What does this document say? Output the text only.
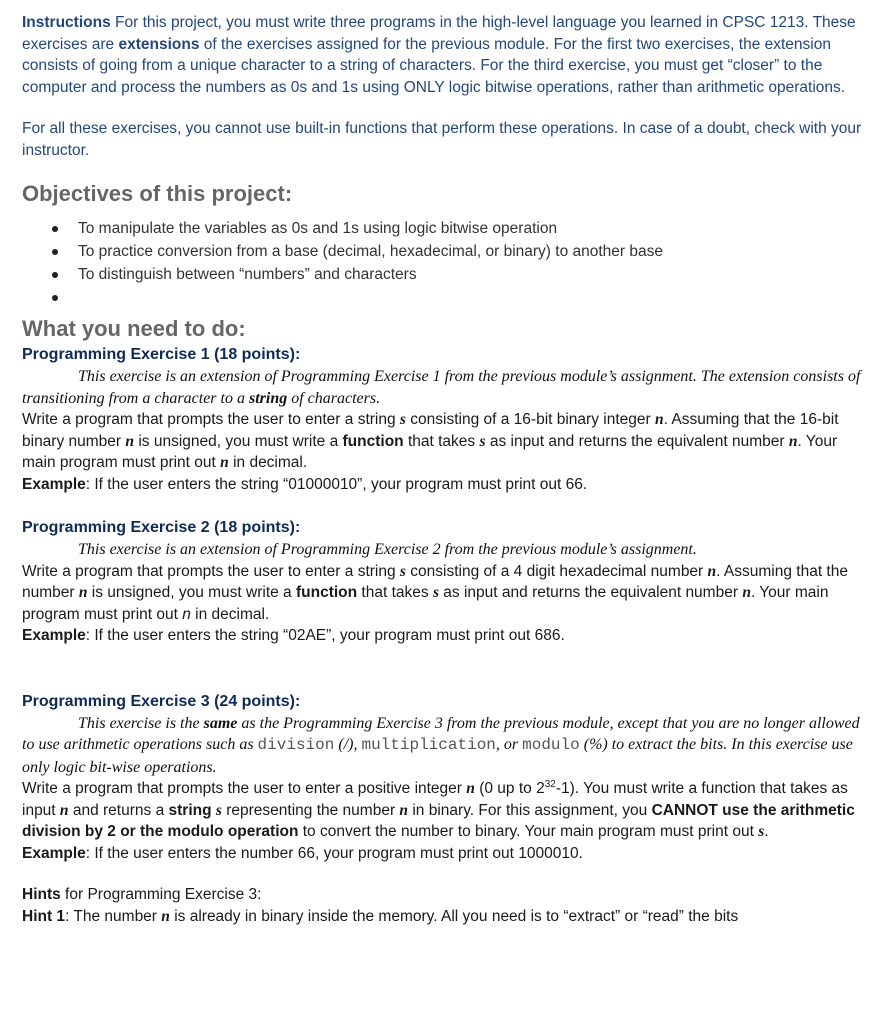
Instructions For this project, you must write three programs in the high-level language you learned in CPSC 1213. These exercises are extensions of the exercises assigned for the previous module. For the first two exercises, the extension consists of going from a unique character to a string of characters. For the third exercise, you must get “closer” to the computer and process the numbers as 0s and 1s using ONLY logic bitwise operations, rather than arithmetic operations.

For all these exercises, you cannot use built-in functions that perform these operations. In case of a doubt, check with your instructor.

Objectives of this project:
To manipulate the variables as 0s and 1s using logic bitwise operation
To practice conversion from a base (decimal, hexadecimal, or binary) to another base
To distinguish between “numbers” and characters
What you need to do:
Programming Exercise 1 (18 points):

This exercise is an extension of Programming Exercise 1 from the previous module’s assignment. The extension consists of transitioning from a character to a string of characters.

Write a program that prompts the user to enter a string s consisting of a 16-bit binary integer n. Assuming that the 16-bit binary number n is unsigned, you must write a function that takes s as input and returns the equivalent number n. Your main program must print out n in decimal.

Example: If the user enters the string “01000010”, your program must print out 66.

Programming Exercise 2 (18 points):

This exercise is an extension of Programming Exercise 2 from the previous module’s assignment.

Write a program that prompts the user to enter a string s consisting of a 4 digit hexadecimal number n. Assuming that the number n is unsigned, you must write a function that takes s as input and returns the equivalent number n. Your main program must print out n in decimal.

Example: If the user enters the string “02AE”, your program must print out 686.

Programming Exercise 3 (24 points):

This exercise is the same as the Programming Exercise 3 from the previous module, except that you are no longer allowed to use arithmetic operations such as division (/), multiplication, or modulo (%) to extract the bits. In this exercise use only logic bit-wise operations.

Write a program that prompts the user to enter a positive integer n (0 up to $2^{32}-1$). You must write a function that takes as input n and returns a string s representing the number n in binary. For this assignment, you CANNOT use the arithmetic division by 2 or the modulo operation to convert the number to binary. Your main program must print out s.

Example: If the user enters the number 66, your program must print out 1000010.

Hints for Programming Exercise 3:

Hint 1: The number n is already in binary inside the memory. All you need is to “extract” or “read” the bits
